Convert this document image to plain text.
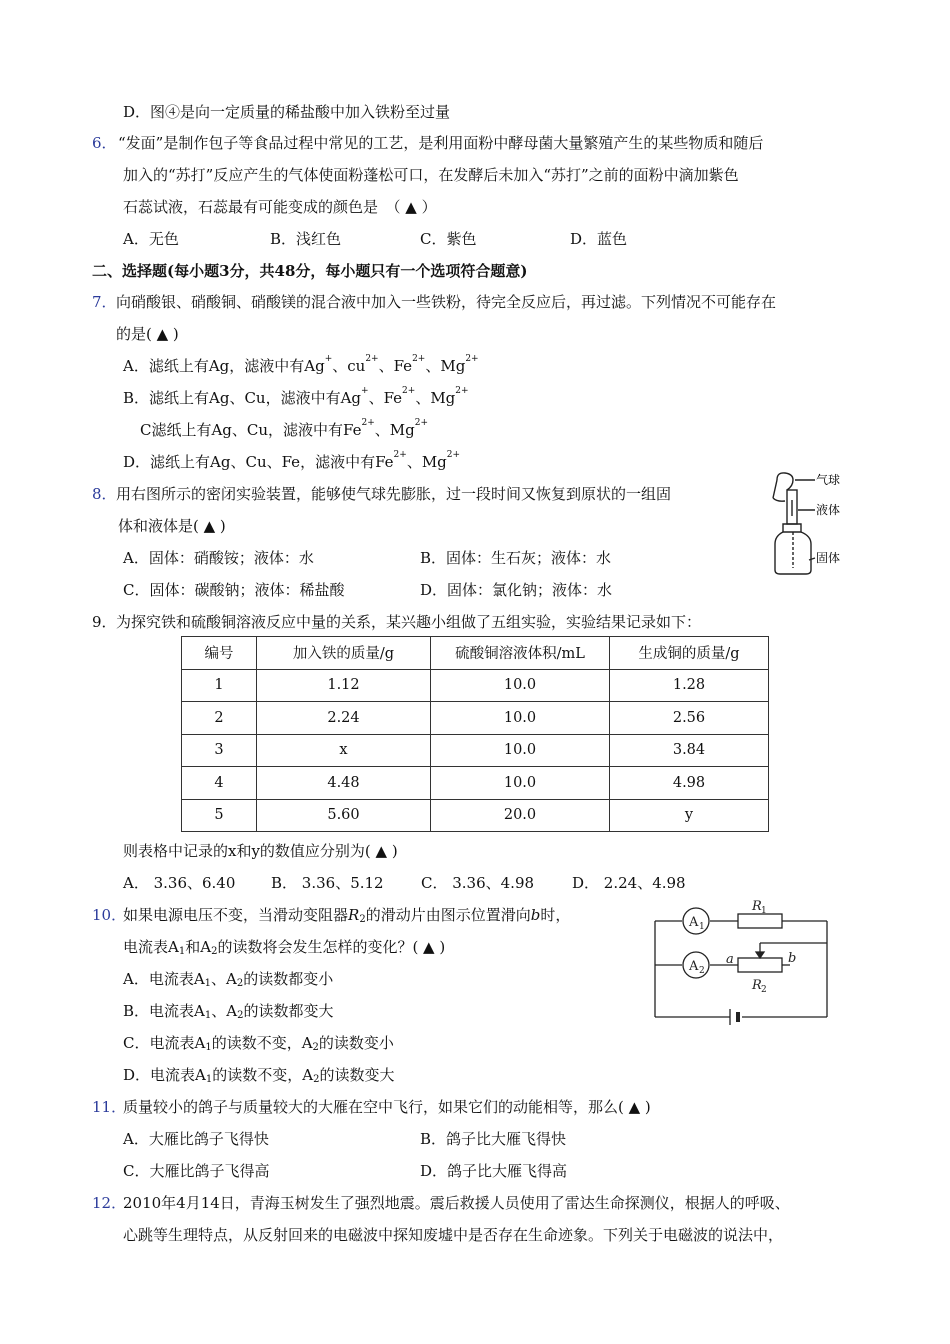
D．图④是向一定质量的稀盐酸中加入铁粉至过量
6． “发面”是制作包子等食品过程中常见的工艺，是利用面粉中酵母菌大量繁殖产生的某些物质和随后
加入的“苏打”反应产生的气体使面粉蓬松可口，在发酵后未加入“苏打”之前的面粉中滴加紫色
石蕊试液，石蕊最有可能变成的颜色是　（ ▲ ）
A．无色	B．浅红色	C．紫色	D．蓝色
二、选择题(每小题3分，共48分，每小题只有一个选项符合题意)
7． 向硝酸银、硝酸铜、硝酸镁的混合液中加入一些铁粉，待完全反应后，再过滤。下列情况不可能存在
的是( ▲ )
A．滤纸上有Ag，滤液中有Ag+、$cu^{2+}$、$Fe^{2+}$、$Mg^{2+}$
B．滤纸上有Ag、Cu，滤液中有Ag+、$Fe^{2+}$、$Mg^{2+}$
C滤纸上有Ag、Cu，滤液中有$Fe^{2+}$、$Mg^{2+}$
D．滤纸上有Ag、Cu、Fe，滤液中有$Fe^{2+}$、$Mg^{2+}$
8． 用右图所示的密闭实验装置，能够使气球先膨胀，过一段时间又恢复到原状的一组固
体和液体是( ▲ )
A．固体：硝酸铵；液体：水	B．固体：生石灰；液体：水
C．固体：碳酸钠；液体：稀盐酸	D．固体：氯化钠；液体：水
气球
液体
固体
9． 为探究铁和硫酸铜溶液反应中量的关系，某兴趣小组做了五组实验，实验结果记录如下：
编号	加入铁的质量/g	硫酸铜溶液体积/mL	生成铜的质量/g
1	1.12	10.0	1.28
2	2.24	10.0	2.56
3	x	10.0	3.84
4	4.48	10.0	4.98
5	5.60	20.0	y
则表格中记录的x和y的数值应分别为( ▲ )
A． 3.36、6.40 B． 3.36、5.12 C． 3.36、4.98	D． 2.24、4.98
10．
如果电源电压不变，当滑动变阻器R2的滑动片由图示位置滑向b时，
电流表A1和A2的读数将会发生怎样的变化？( ▲ )
A．电流表A1、A2的读数都变小
B．电流表A1、A2的读数都变大
C．电流表A1的读数不变，A2的读数变小
D．电流表A1的读数不变，A2的读数变大
A 1
A 2
R 1
R 2
a	b
11．
质量较小的鸽子与质量较大的大雁在空中飞行，如果它们的动能相等，那么( ▲ )
A．大雁比鸽子飞得快	B．鸽子比大雁飞得快
C．大雁比鸽子飞得高	D．鸽子比大雁飞得高
12．
2010年4月14日，青海玉树发生了强烈地震。震后救援人员使用了雷达生命探测仪，根据人的呼吸、
心跳等生理特点，从反射回来的电磁波中探知废墟中是否存在生命迹象。下列关于电磁波的说法中，
